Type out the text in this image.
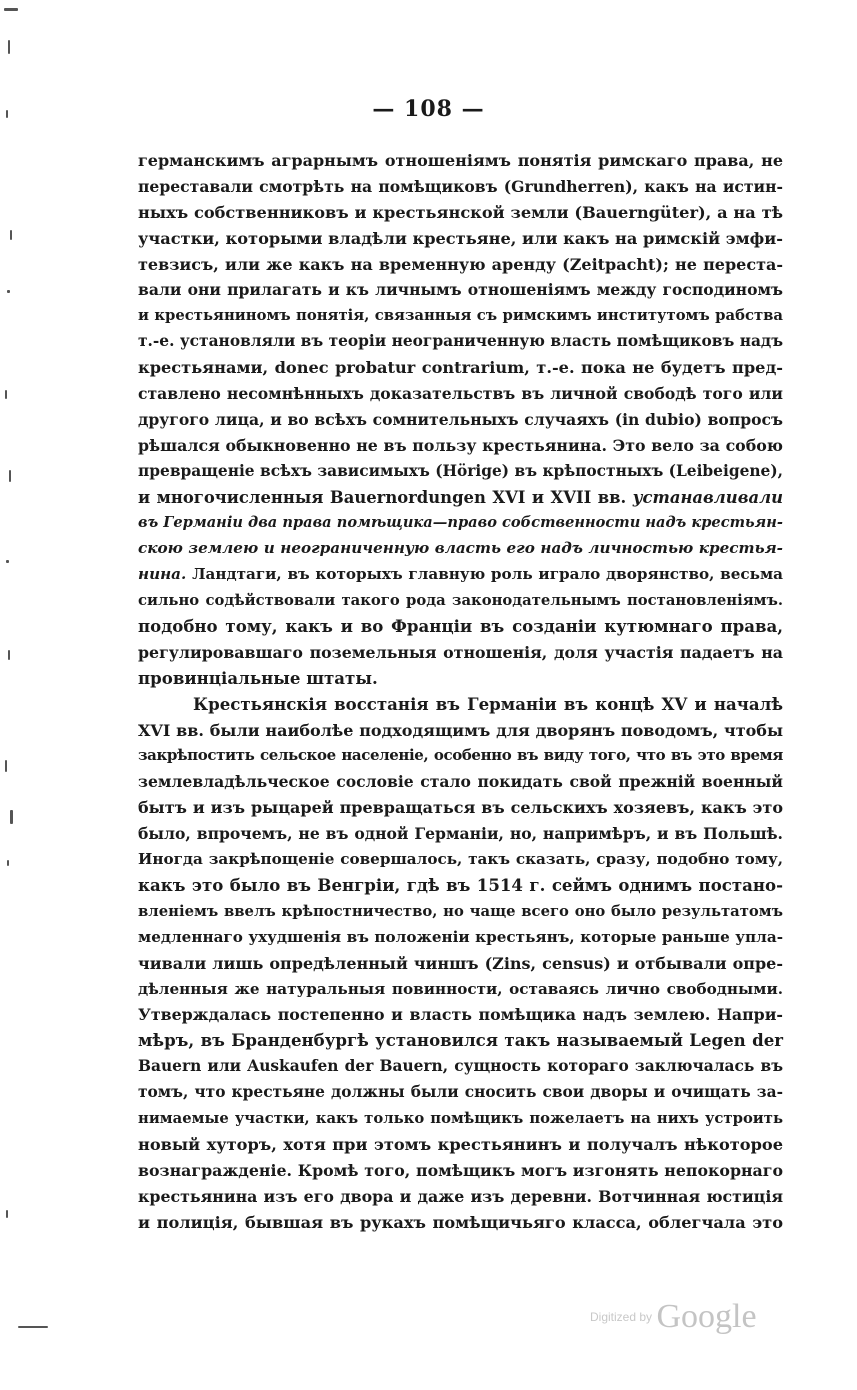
— 108 —
германскимъ аграрнымъ отношеніямъ понятія римскаго права, не
переставали смотрѣть на помѣщиковъ (Grundherren), какъ на истин-
ныхъ собственниковъ и крестьянской земли (Bauerngüter), а на тѣ
участки, которыми владѣли крестьяне, или какъ на римскій эмфи-
тевзисъ, или же какъ на временную аренду (Zeitpacht); не переста-
вали они прилагать и къ личнымъ отношеніямъ между господиномъ
и крестьяниномъ понятія, связанныя съ римскимъ институтомъ рабства
т.-е. установляли въ теоріи неограниченную власть помѣщиковъ надъ
крестьянами, donec probatur contrarium, т.-е. пока не будетъ пред-
ставлено несомнѣнныхъ доказательствъ въ личной свободѣ того или
другого лица, и во всѣхъ сомнительныхъ случаяхъ (in dubio) вопросъ
рѣшался обыкновенно не въ пользу крестьянина. Это вело за собою
превращеніе всѣхъ зависимыхъ (Hörige) въ крѣпостныхъ (Leibeigene),
и многочисленныя Bauernordungen XVI и XVII вв. устанавливали
въ Германіи два права помѣщика—право собственности надъ крестьян-
скою землею и неограниченную власть его надъ личностью крестья-
нина. Ландтаги, въ которыхъ главную роль играло дворянство, весьма
сильно содѣйствовали такого рода законодательнымъ постановленіямъ.
подобно тому, какъ и во Франціи въ созданіи кутюмнаго права,
регулировавшаго поземельныя отношенія, доля участія падаетъ на
провинціальные штаты.
Крестьянскія восстанія въ Германіи въ концѣ XV и началѣ
XVI вв. были наиболѣе подходящимъ для дворянъ поводомъ, чтобы
закрѣпостить сельское населеніе, особенно въ виду того, что въ это время
землевладѣльческое сословіе стало покидать свой прежній военный
бытъ и изъ рыцарей превращаться въ сельскихъ хозяевъ, какъ это
было, впрочемъ, не въ одной Германіи, но, напримѣръ, и въ Польшѣ.
Иногда закрѣпощеніе совершалось, такъ сказать, сразу, подобно тому,
какъ это было въ Венгріи, гдѣ въ 1514 г. сеймъ однимъ постано-
вленіемъ ввелъ крѣпостничество, но чаще всего оно было результатомъ
медленнаго ухудшенія въ положеніи крестьянъ, которые раньше упла-
чивали лишь опредѣленный чиншъ (Zins, census) и отбывали опре-
дѣленныя же натуральныя повинности, оставаясь лично свободными.
Утверждалась постепенно и власть помѣщика надъ землею. Напри-
мѣръ, въ Бранденбургѣ установился такъ называемый Legen der
Bauern или Auskaufen der Bauern, сущность котораго заключалась въ
томъ, что крестьяне должны были сносить свои дворы и очищать за-
нимаемые участки, какъ только помѣщикъ пожелаетъ на нихъ устроить
новый хуторъ, хотя при этомъ крестьянинъ и получалъ нѣкоторое
вознагражденіе. Кромѣ того, помѣщикъ могъ изгонять непокорнаго
крестьянина изъ его двора и даже изъ деревни. Вотчинная юстиція
и полиція, бывшая въ рукахъ помѣщичьяго класса, облегчала это
Digitized by Google
